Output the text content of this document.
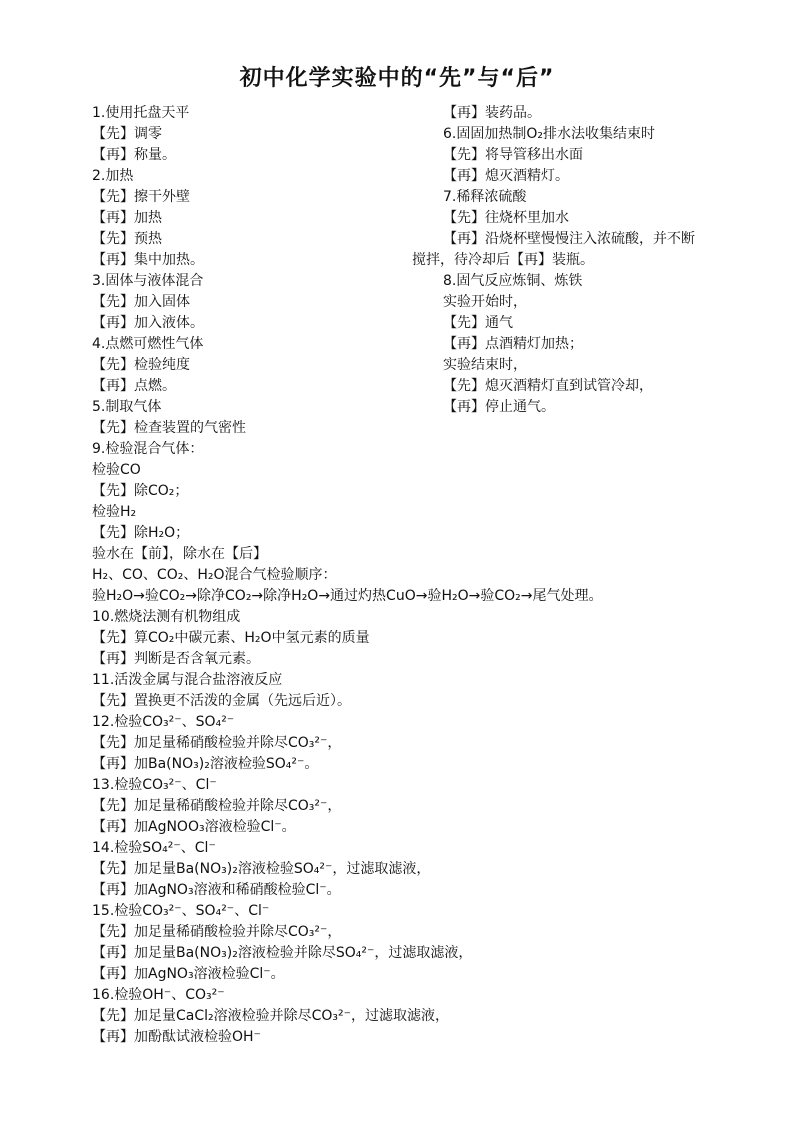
初中化学实验中的“先”与“后”
1.使用托盘天平
【先】调零
【再】称量。
2.加热
【先】擦干外壁
【再】加热
【先】预热
【再】集中加热。
3.固体与液体混合
【先】加入固体
【再】加入液体。
4.点燃可燃性气体
【先】检验纯度
【再】点燃。
5.制取气体
【先】检查装置的气密性
【再】装药品。
6.固固加热制O₂排水法收集结束时
【先】将导管移出水面
【再】熄灭酒精灯。
7.稀释浓硫酸
【先】往烧杯里加水
【再】沿烧杯壁慢慢注入浓硫酸，并不断
搅拌，待冷却后【再】装瓶。
8.固气反应炼铜、炼铁
实验开始时，
【先】通气
【再】点酒精灯加热；
实验结束时，
【先】熄灭酒精灯直到试管冷却，
【再】停止通气。
9.检验混合气体：
检验CO
【先】除CO₂；
检验H₂
【先】除H₂O；
验水在【前】，除水在【后】
H₂、CO、CO₂、H₂O混合气检验顺序：
验H₂O→验CO₂→除净CO₂→除净H₂O→通过灼热CuO→验H₂O→验CO₂→尾气处理。
10.燃烧法测有机物组成
【先】算CO₂中碳元素、H₂O中氢元素的质量
【再】判断是否含氧元素。
11.活泼金属与混合盐溶液反应
【先】置换更不活泼的金属（先远后近）。
12.检验CO₃²⁻、SO₄²⁻
【先】加足量稀硝酸检验并除尽CO₃²⁻，
【再】加Ba(NO₃)₂溶液检验SO₄²⁻。
13.检验CO₃²⁻、Cl⁻
【先】加足量稀硝酸检验并除尽CO₃²⁻，
【再】加AgNOO₃溶液检验Cl⁻。
14.检验SO₄²⁻、Cl⁻
【先】加足量Ba(NO₃)₂溶液检验SO₄²⁻，过滤取滤液，
【再】加AgNO₃溶液和稀硝酸检验Cl⁻。
15.检验CO₃²⁻、SO₄²⁻、Cl⁻
【先】加足量稀硝酸检验并除尽CO₃²⁻，
【再】加足量Ba(NO₃)₂溶液检验并除尽SO₄²⁻，过滤取滤液，
【再】加AgNO₃溶液检验Cl⁻。
16.检验OH⁻、CO₃²⁻
【先】加足量CaCl₂溶液检验并除尽CO₃²⁻，过滤取滤液，
【再】加酚酞试液检验OH⁻
